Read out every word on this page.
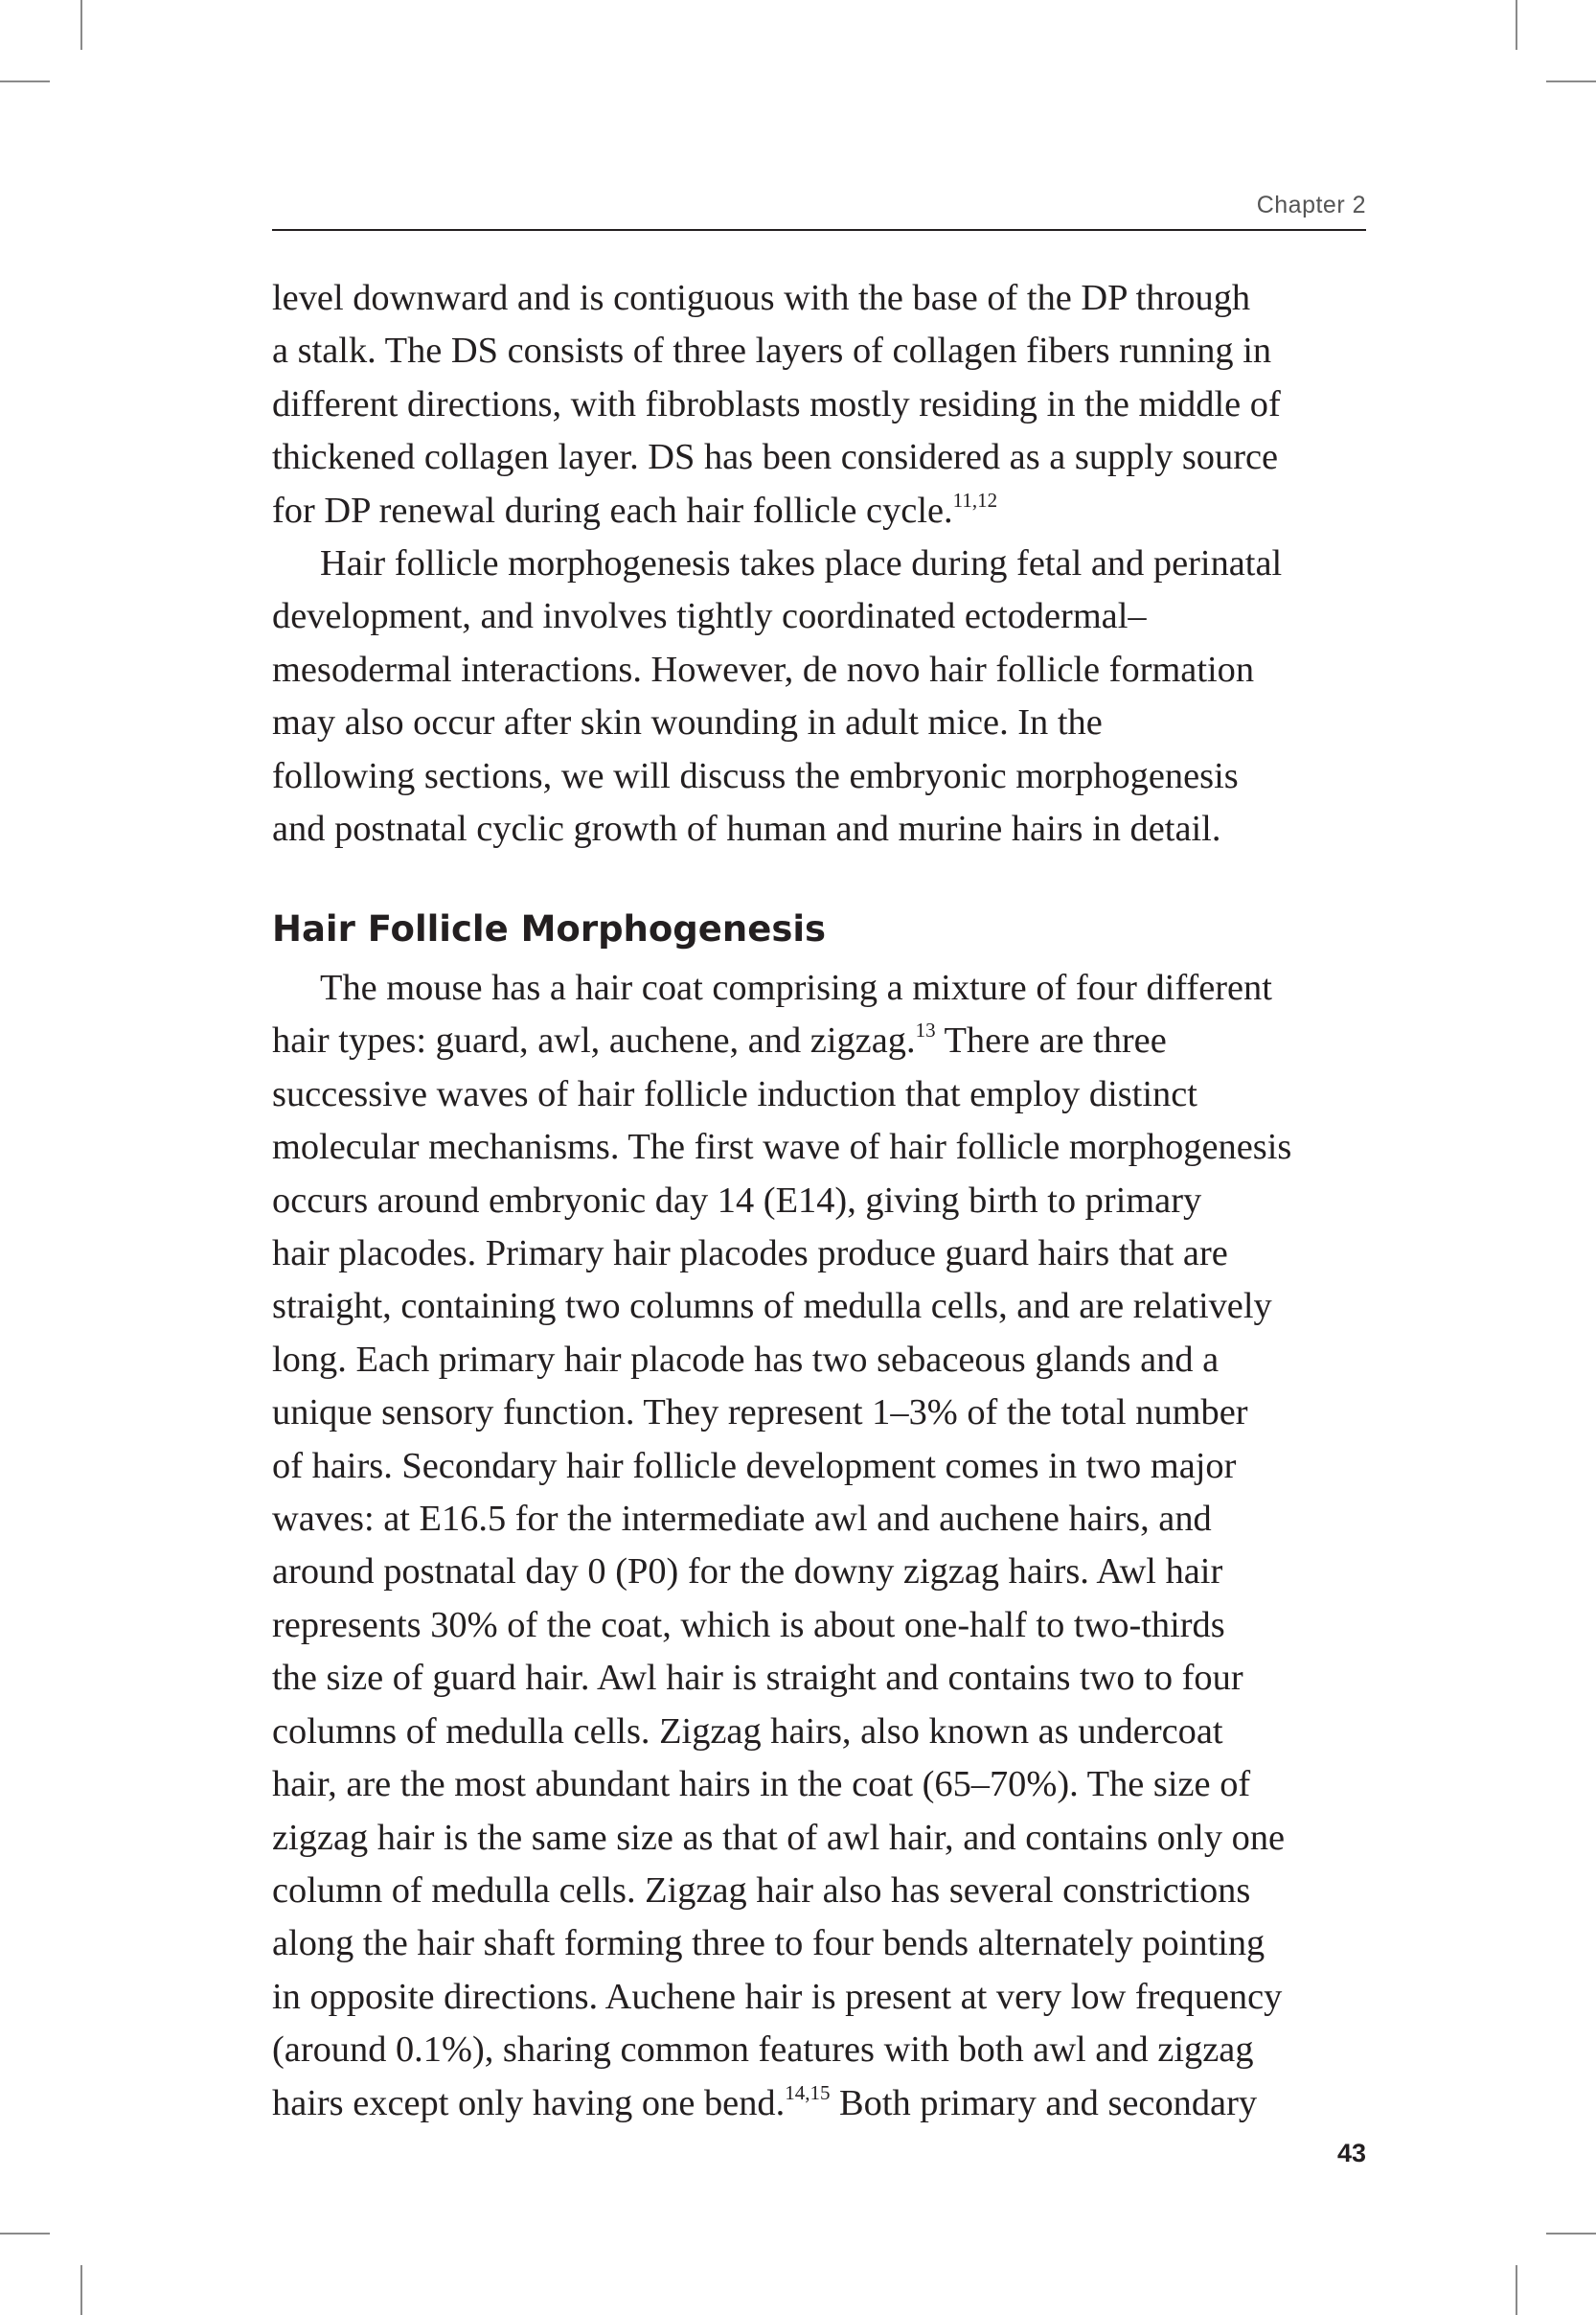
Chapter 2
level downward and is contiguous with the base of the DP through
a stalk. The DS consists of three layers of collagen fibers running in
different directions, with fibroblasts mostly residing in the middle of
thickened collagen layer. DS has been considered as a supply source
for DP renewal during each hair follicle cycle.$^{11,12}$
Hair follicle morphogenesis takes place during fetal and perinatal
development, and involves tightly coordinated ectodermal–
mesodermal interactions. However, de novo hair follicle formation
may also occur after skin wounding in adult mice. In the
following sections, we will discuss the embryonic morphogenesis
and postnatal cyclic growth of human and murine hairs in detail.
Hair Follicle Morphogenesis
The mouse has a hair coat comprising a mixture of four different
hair types: guard, awl, auchene, and zigzag.$^{13}$ There are three
successive waves of hair follicle induction that employ distinct
molecular mechanisms. The first wave of hair follicle morphogenesis
occurs around embryonic day 14 (E14), giving birth to primary
hair placodes. Primary hair placodes produce guard hairs that are
straight, containing two columns of medulla cells, and are relatively
long. Each primary hair placode has two sebaceous glands and a
unique sensory function. They represent 1–3% of the total number
of hairs. Secondary hair follicle development comes in two major
waves: at E16.5 for the intermediate awl and auchene hairs, and
around postnatal day 0 (P0) for the downy zigzag hairs. Awl hair
represents 30% of the coat, which is about one-half to two-thirds
the size of guard hair. Awl hair is straight and contains two to four
columns of medulla cells. Zigzag hairs, also known as undercoat
hair, are the most abundant hairs in the coat (65–70%). The size of
zigzag hair is the same size as that of awl hair, and contains only one
column of medulla cells. Zigzag hair also has several constrictions
along the hair shaft forming three to four bends alternately pointing
in opposite directions. Auchene hair is present at very low frequency
(around 0.1%), sharing common features with both awl and zigzag
hairs except only having one bend.$^{14,15}$ Both primary and secondary
43
